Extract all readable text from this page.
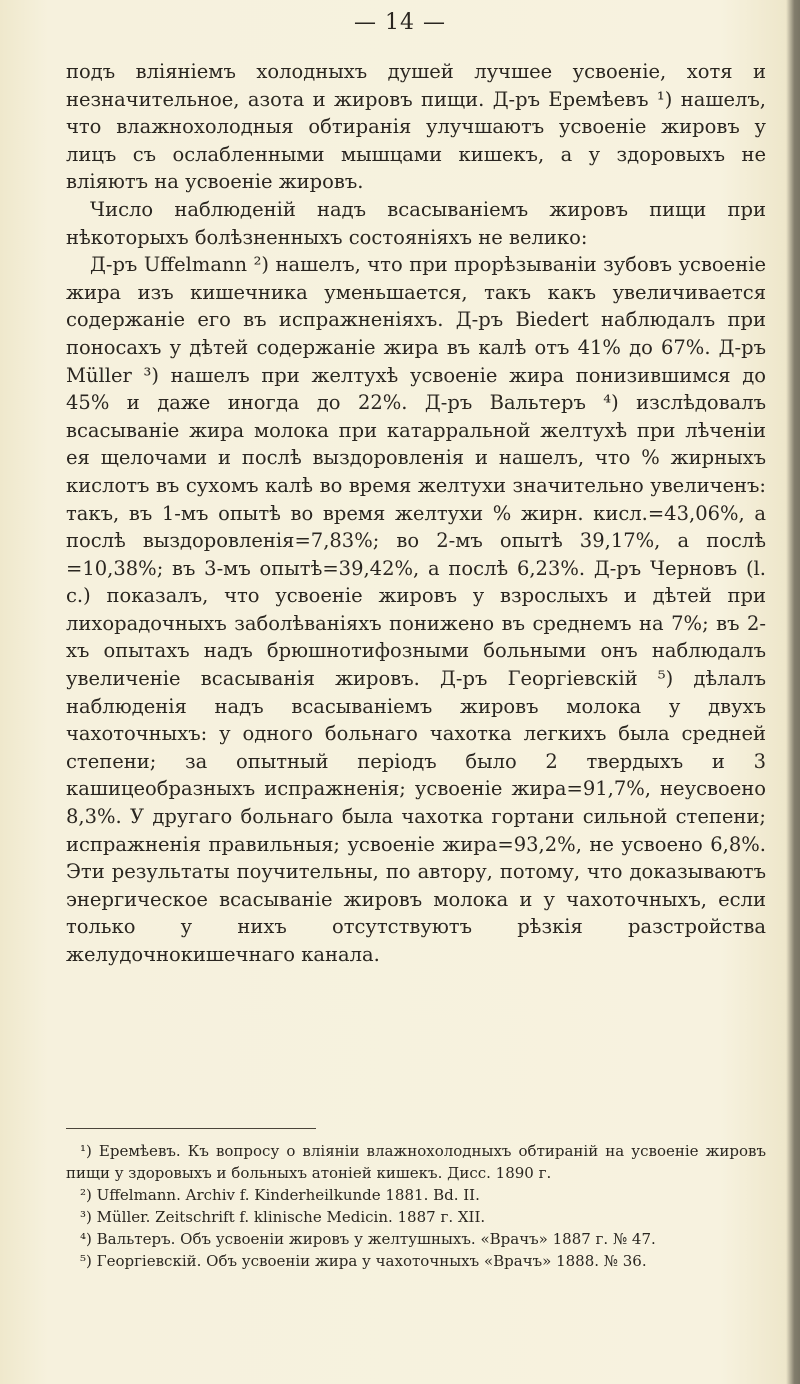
— 14 —

подъ вліяніемъ холодныхъ душей лучшее усвоеніе, хотя и незначительное, азота и жировъ пищи. Д-ръ Еремѣевъ ¹) нашелъ, что влажнохолодныя обтиранія улучшаютъ усвоеніе жировъ у лицъ съ ослабленными мышцами кишекъ, а у здоровыхъ не вліяютъ на усвоеніе жировъ.

Число наблюденій надъ всасываніемъ жировъ пищи при нѣкоторыхъ болѣзненныхъ состояніяхъ не велико:

Д-ръ Uffelmann ²) нашелъ, что при прорѣзываніи зубовъ усвоеніе жира изъ кишечника уменьшается, такъ какъ увеличивается содержаніе его въ испражненіяхъ. Д-ръ Biedert наблюдалъ при поносахъ у дѣтей содержаніе жира въ калѣ отъ 41% до 67%. Д-ръ Müller ³) нашелъ при желтухѣ усвоеніе жира понизившимся до 45% и даже иногда до 22%. Д-ръ Вальтеръ ⁴) изслѣдовалъ всасываніе жира молока при катарральной желтухѣ при лѣченіи ея щелочами и послѣ выздоровленія и нашелъ, что % жирныхъ кислотъ въ сухомъ калѣ во время желтухи значительно увеличенъ: такъ, въ 1-мъ опытѣ во время желтухи % жирн. кисл.=43,06%, а послѣ выздоровленія=7,83%; во 2-мъ опытѣ 39,17%, а послѣ =10,38%; въ 3-мъ опытѣ=39,42%, а послѣ 6,23%. Д-ръ Черновъ (l. c.) показалъ, что усвоеніе жировъ у взрослыхъ и дѣтей при лихорадочныхъ заболѣваніяхъ понижено въ среднемъ на 7%; въ 2-хъ опытахъ надъ брюшнотифозными больными онъ наблюдалъ увеличеніе всасыванія жировъ. Д-ръ Георгіевскій ⁵) дѣлалъ наблюденія надъ всасываніемъ жировъ молока у двухъ чахоточныхъ: у одного больнаго чахотка легкихъ была средней степени; за опытный періодъ было 2 твердыхъ и 3 кашицеобразныхъ испражненія; усвоеніе жира=91,7%, неусвоено 8,3%. У другаго больнаго была чахотка гортани сильной степени; испражненія правильныя; усвоеніе жира=93,2%, не усвоено 6,8%. Эти результаты поучительны, по автору, потому, что доказываютъ энергическое всасываніе жировъ молока и у чахоточныхъ, если только у нихъ отсутствуютъ рѣзкія разстройства желудочнокишечнаго канала.

¹) Еремѣевъ. Къ вопросу о вліяніи влажнохолодныхъ обтираній на усвоеніе жировъ пищи у здоровыхъ и больныхъ атоніей кишекъ. Дисс. 1890 г.

²) Uffelmann. Archiv f. Kinderheilkunde 1881. Bd. II.

³) Müller. Zeitschrift f. klinische Medicin. 1887 г. XII.

⁴) Вальтеръ. Объ усвоеніи жировъ у желтушныхъ. «Врачъ» 1887 г. № 47.

⁵) Георгіевскій. Объ усвоеніи жира у чахоточныхъ «Врачъ» 1888. № 36.
